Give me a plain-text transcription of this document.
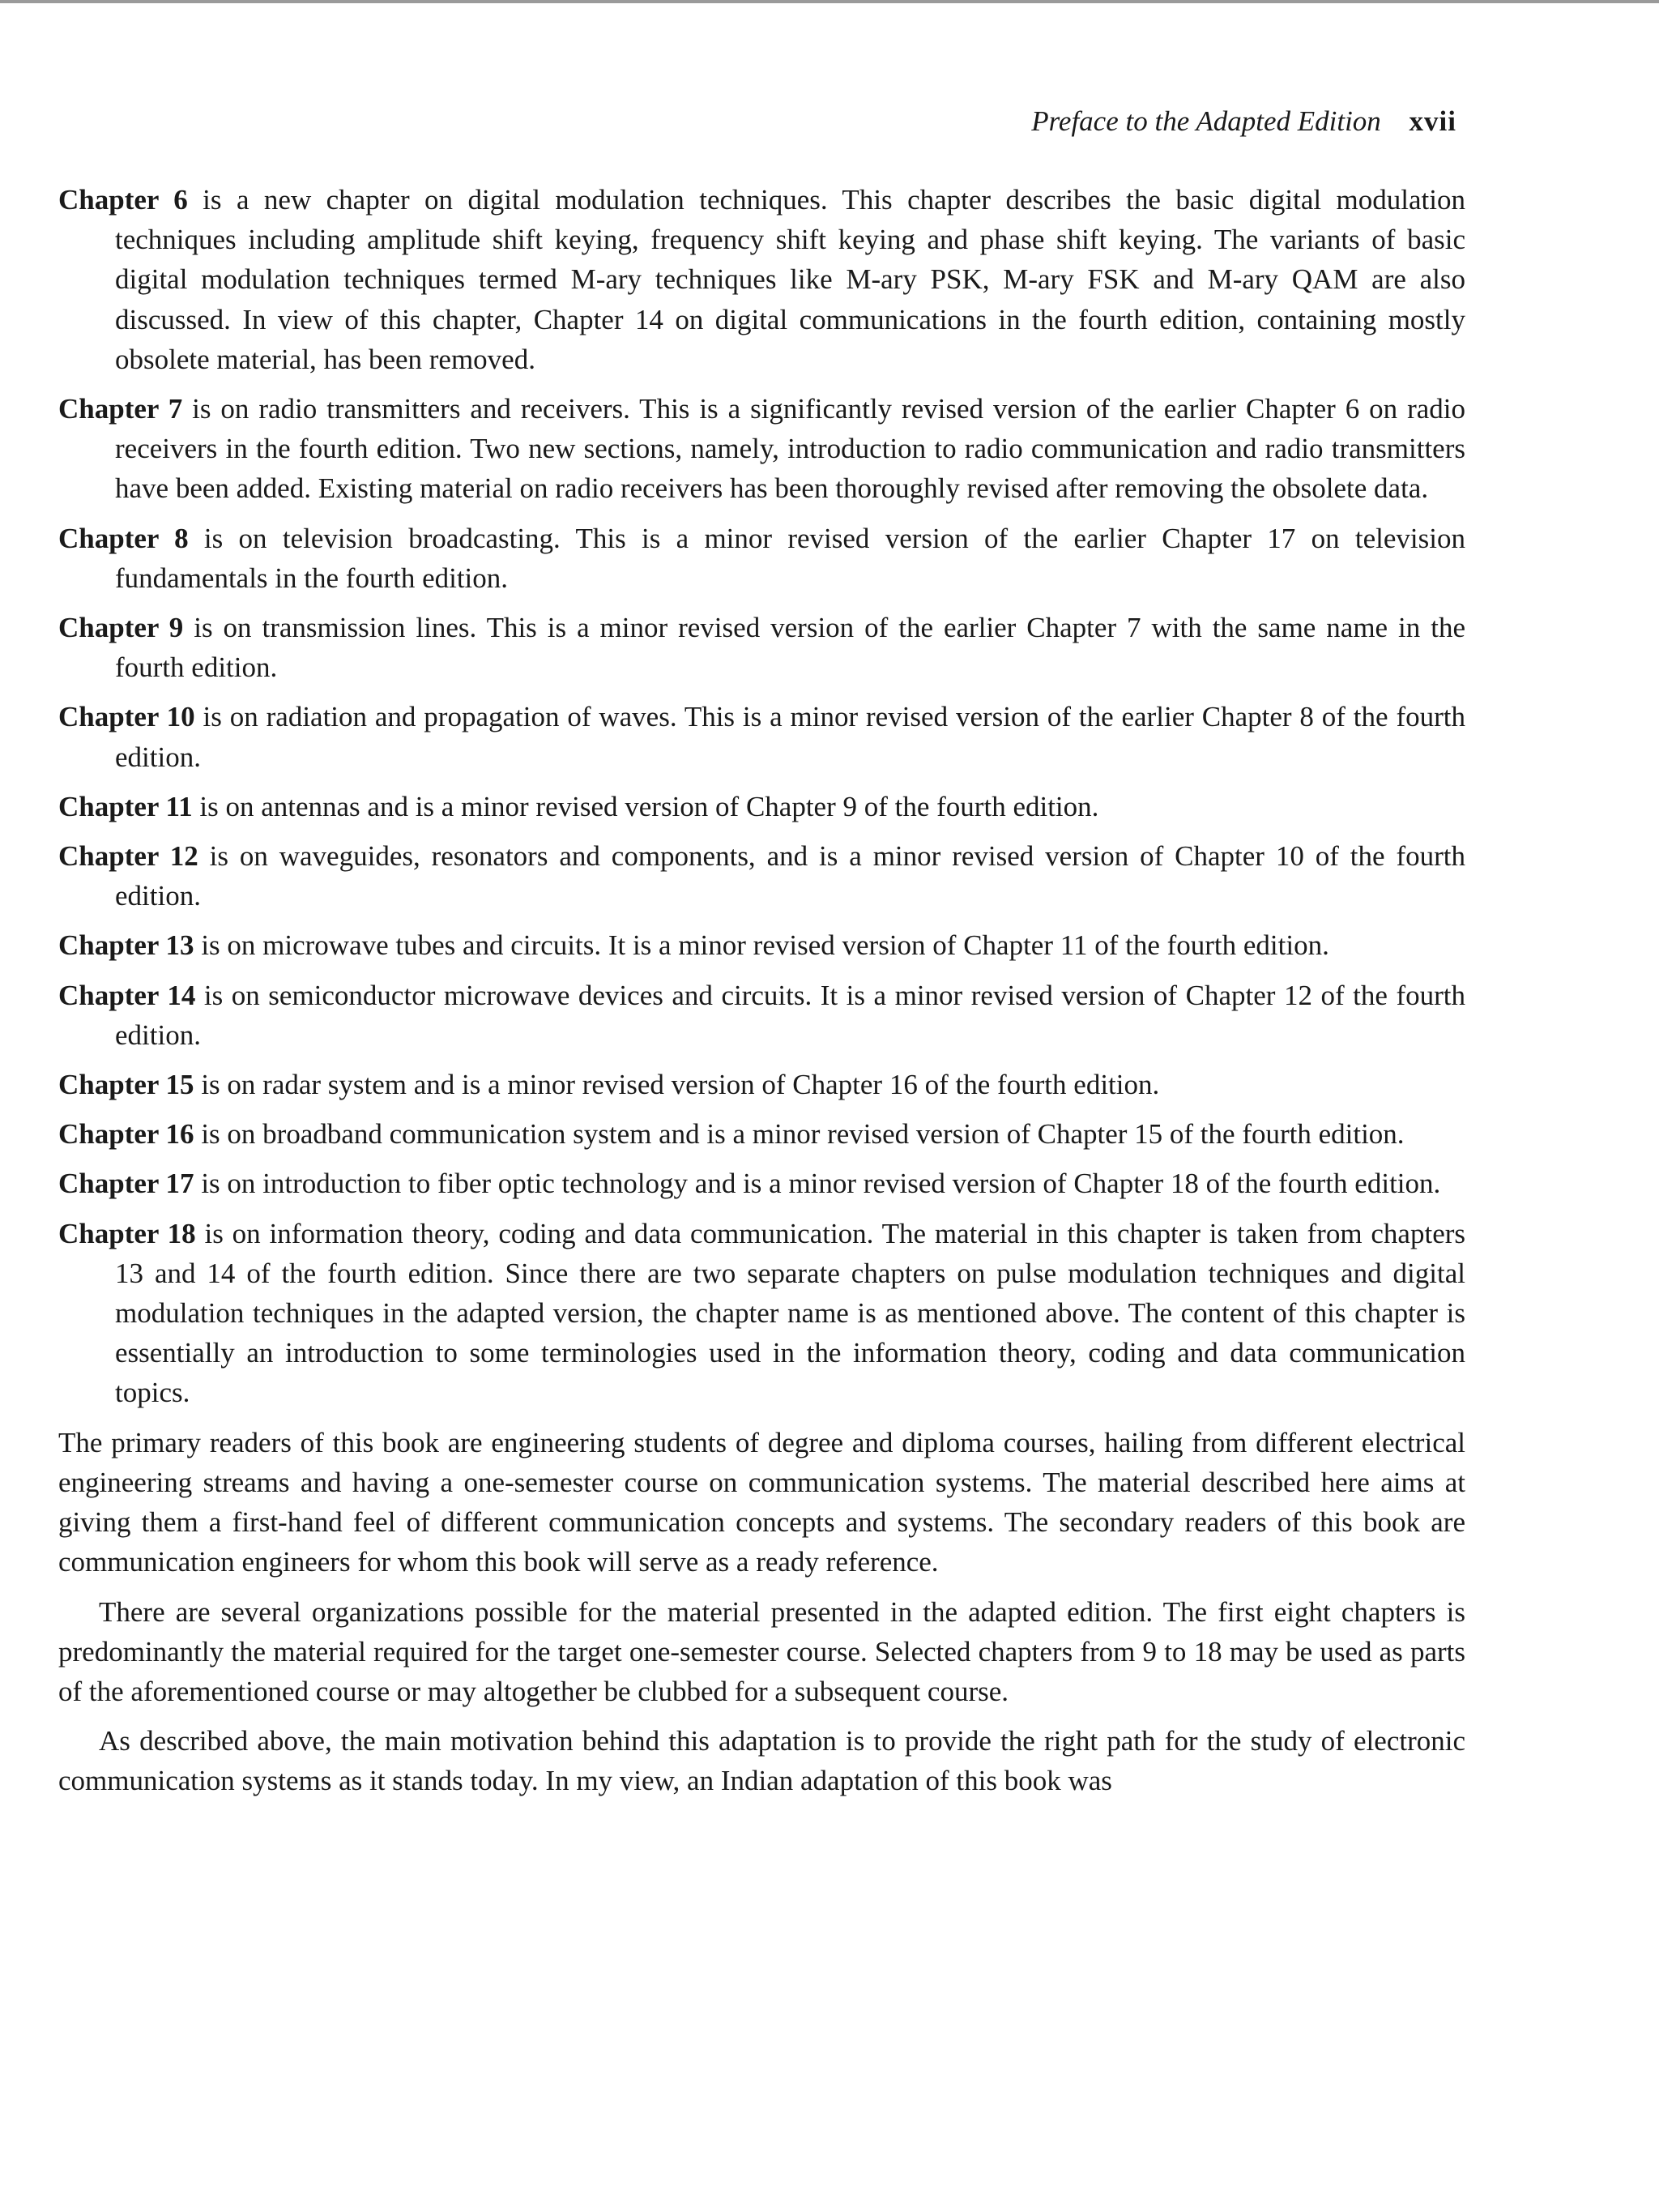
Preface to the Adapted Edition xvii
Chapter 6 is a new chapter on digital modulation techniques. This chapter describes the basic digital modulation techniques including amplitude shift keying, frequency shift keying and phase shift keying. The variants of basic digital modulation techniques termed M-ary techniques like M-ary PSK, M-ary FSK and M-ary QAM are also discussed. In view of this chapter, Chapter 14 on digital communications in the fourth edition, containing mostly obsolete material, has been removed.
Chapter 7 is on radio transmitters and receivers. This is a significantly revised version of the earlier Chapter 6 on radio receivers in the fourth edition. Two new sections, namely, introduction to radio communication and radio transmitters have been added. Existing material on radio receivers has been thoroughly revised after removing the obsolete data.
Chapter 8 is on television broadcasting. This is a minor revised version of the earlier Chapter 17 on television fundamentals in the fourth edition.
Chapter 9 is on transmission lines. This is a minor revised version of the earlier Chapter 7 with the same name in the fourth edition.
Chapter 10 is on radiation and propagation of waves. This is a minor revised version of the earlier Chapter 8 of the fourth edition.
Chapter 11 is on antennas and is a minor revised version of Chapter 9 of the fourth edition.
Chapter 12 is on waveguides, resonators and components, and is a minor revised version of Chapter 10 of the fourth edition.
Chapter 13 is on microwave tubes and circuits. It is a minor revised version of Chapter 11 of the fourth edition.
Chapter 14 is on semiconductor microwave devices and circuits. It is a minor revised version of Chapter 12 of the fourth edition.
Chapter 15 is on radar system and is a minor revised version of Chapter 16 of the fourth edition.
Chapter 16 is on broadband communication system and is a minor revised version of Chapter 15 of the fourth edition.
Chapter 17 is on introduction to fiber optic technology and is a minor revised version of Chapter 18 of the fourth edition.
Chapter 18 is on information theory, coding and data communication. The material in this chapter is taken from chapters 13 and 14 of the fourth edition. Since there are two separate chapters on pulse modulation techniques and digital modulation techniques in the adapted version, the chapter name is as mentioned above. The content of this chapter is essentially an introduction to some terminologies used in the information theory, coding and data communication topics.

The primary readers of this book are engineering students of degree and diploma courses, hailing from different electrical engineering streams and having a one-semester course on communication systems. The material described here aims at giving them a first-hand feel of different communication concepts and systems. The secondary readers of this book are communication engineers for whom this book will serve as a ready reference.

There are several organizations possible for the material presented in the adapted edition. The first eight chapters is predominantly the material required for the target one-semester course. Selected chapters from 9 to 18 may be used as parts of the aforementioned course or may altogether be clubbed for a subsequent course.

As described above, the main motivation behind this adaptation is to provide the right path for the study of electronic communication systems as it stands today. In my view, an Indian adaptation of this book was
